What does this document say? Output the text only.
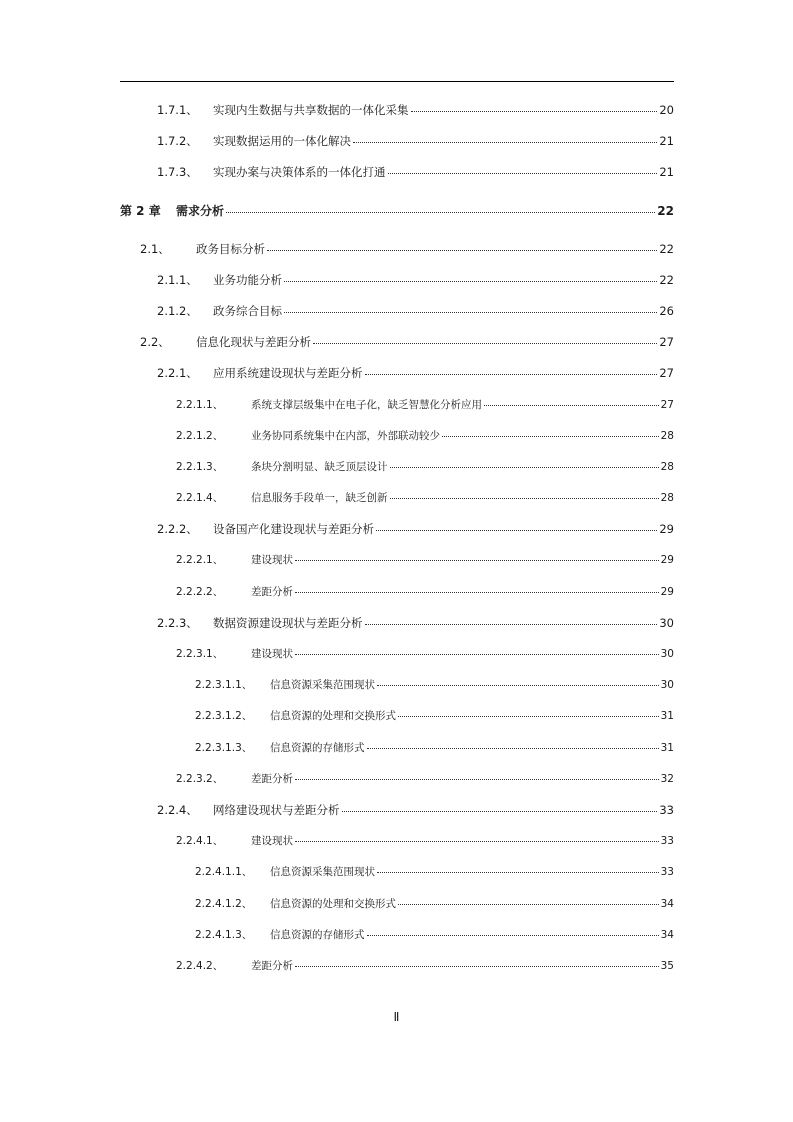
1.7.1、	实现内生数据与共享数据的一体化采集	20
1.7.2、	实现数据运用的一体化解决	21
1.7.3、	实现办案与决策体系的一体化打通	21
第 2 章	需求分析	22
2.1、	政务目标分析	22
2.1.1、	业务功能分析	22
2.1.2、	政务综合目标	26
2.2、	信息化现状与差距分析	27
2.2.1、	应用系统建设现状与差距分析	27
2.2.1.1、	系统支撑层级集中在电子化，缺乏智慧化分析应用	27
2.2.1.2、	业务协同系统集中在内部，外部联动较少	28
2.2.1.3、	条块分割明显、缺乏顶层设计	28
2.2.1.4、	信息服务手段单一，缺乏创新	28
2.2.2、	设备国产化建设现状与差距分析	29
2.2.2.1、	建设现状	29
2.2.2.2、	差距分析	29
2.2.3、	数据资源建设现状与差距分析	30
2.2.3.1、	建设现状	30
2.2.3.1.1、	信息资源采集范围现状	30
2.2.3.1.2、	信息资源的处理和交换形式	31
2.2.3.1.3、	信息资源的存储形式	31
2.2.3.2、	差距分析	32
2.2.4、	网络建设现状与差距分析	33
2.2.4.1、	建设现状	33
2.2.4.1.1、	信息资源采集范围现状	33
2.2.4.1.2、	信息资源的处理和交换形式	34
2.2.4.1.3、	信息资源的存储形式	34
2.2.4.2、	差距分析	35
Ⅱ
